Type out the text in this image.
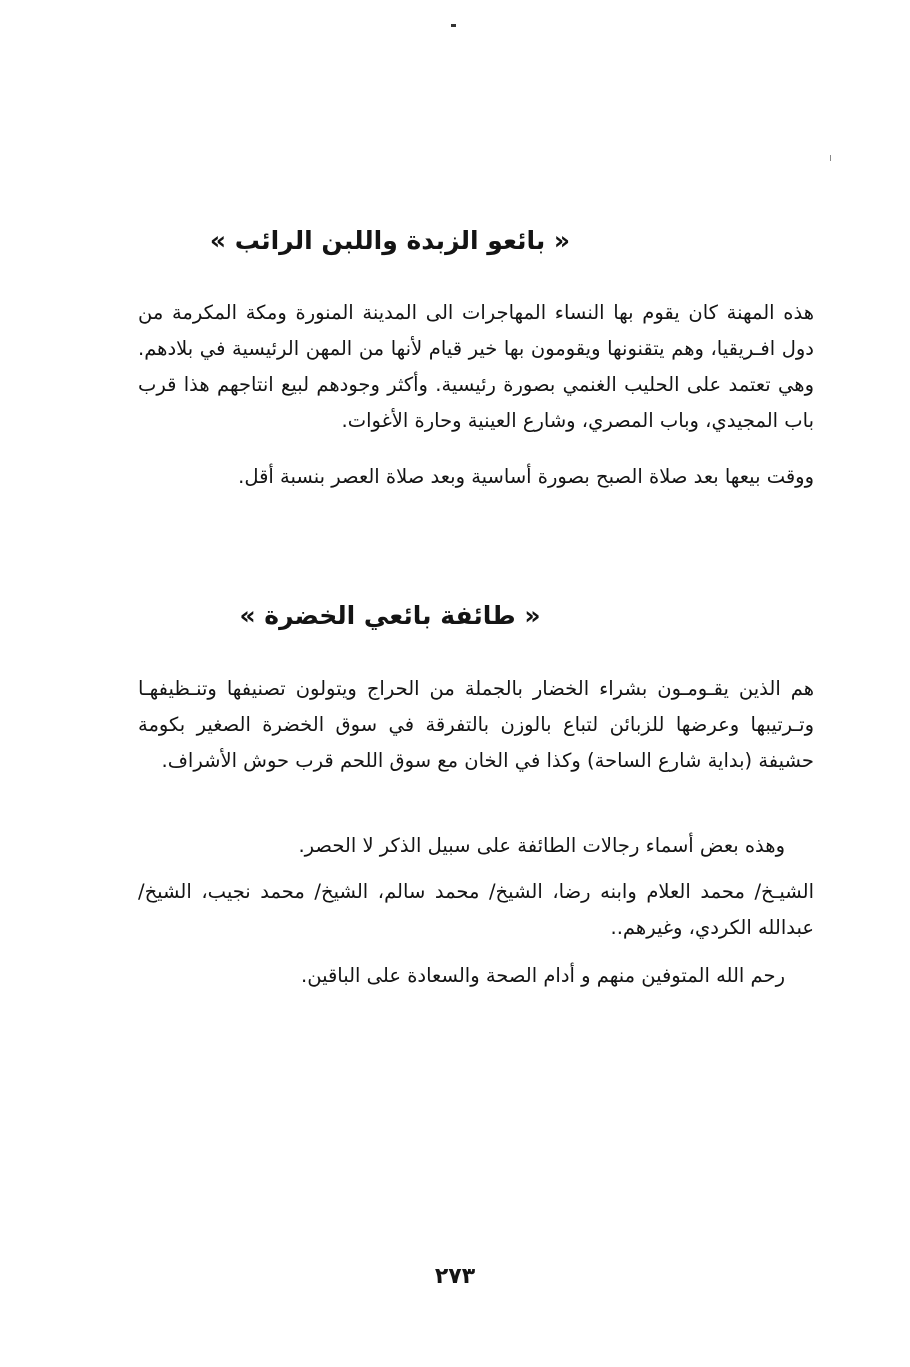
« بائعو الزبدة واللبن الرائب »

هذه المهنة كان يقوم بها النساء المهاجرات الى المدينة المنورة ومكة المكرمة من دول افـريقيا، وهم يتقنونها ويقومون بها خير قيام لأنها من المهن الرئيسية في بلادهم. وهي تعتمد على الحليب الغنمي بصورة رئيسية. وأكثر وجودهم لبيع انتاجهم هذا قرب باب المجيدي، وباب المصري، وشارع العينية وحارة الأغوات.

ووقت بيعها بعد صلاة الصبح بصورة أساسية وبعد صلاة العصر بنسبة أقل.

« طائفة بائعي الخضرة »

هم الذين يقـومـون بشراء الخضار بالجملة من الحراج ويتولون تصنيفها وتنـظيفهـا وتـرتيبها وعرضها للزبائن لتباع بالوزن بالتفرقة في سوق الخضرة الصغير بكومة حشيفة (بداية شارع الساحة) وكذا في الخان مع سوق اللحم قرب حوش الأشراف.

وهذه بعض أسماء رجالات الطائفة على سبيل الذكر لا الحصر.

الشيـخ/ محمد العلام وابنه رضا، الشيخ/ محمد سالم، الشيخ/ محمد نجيب، الشيخ/ عبدالله الكردي، وغيرهم..

رحم الله المتوفين منهم و أدام الصحة والسعادة على الباقين.

٢٧٣
